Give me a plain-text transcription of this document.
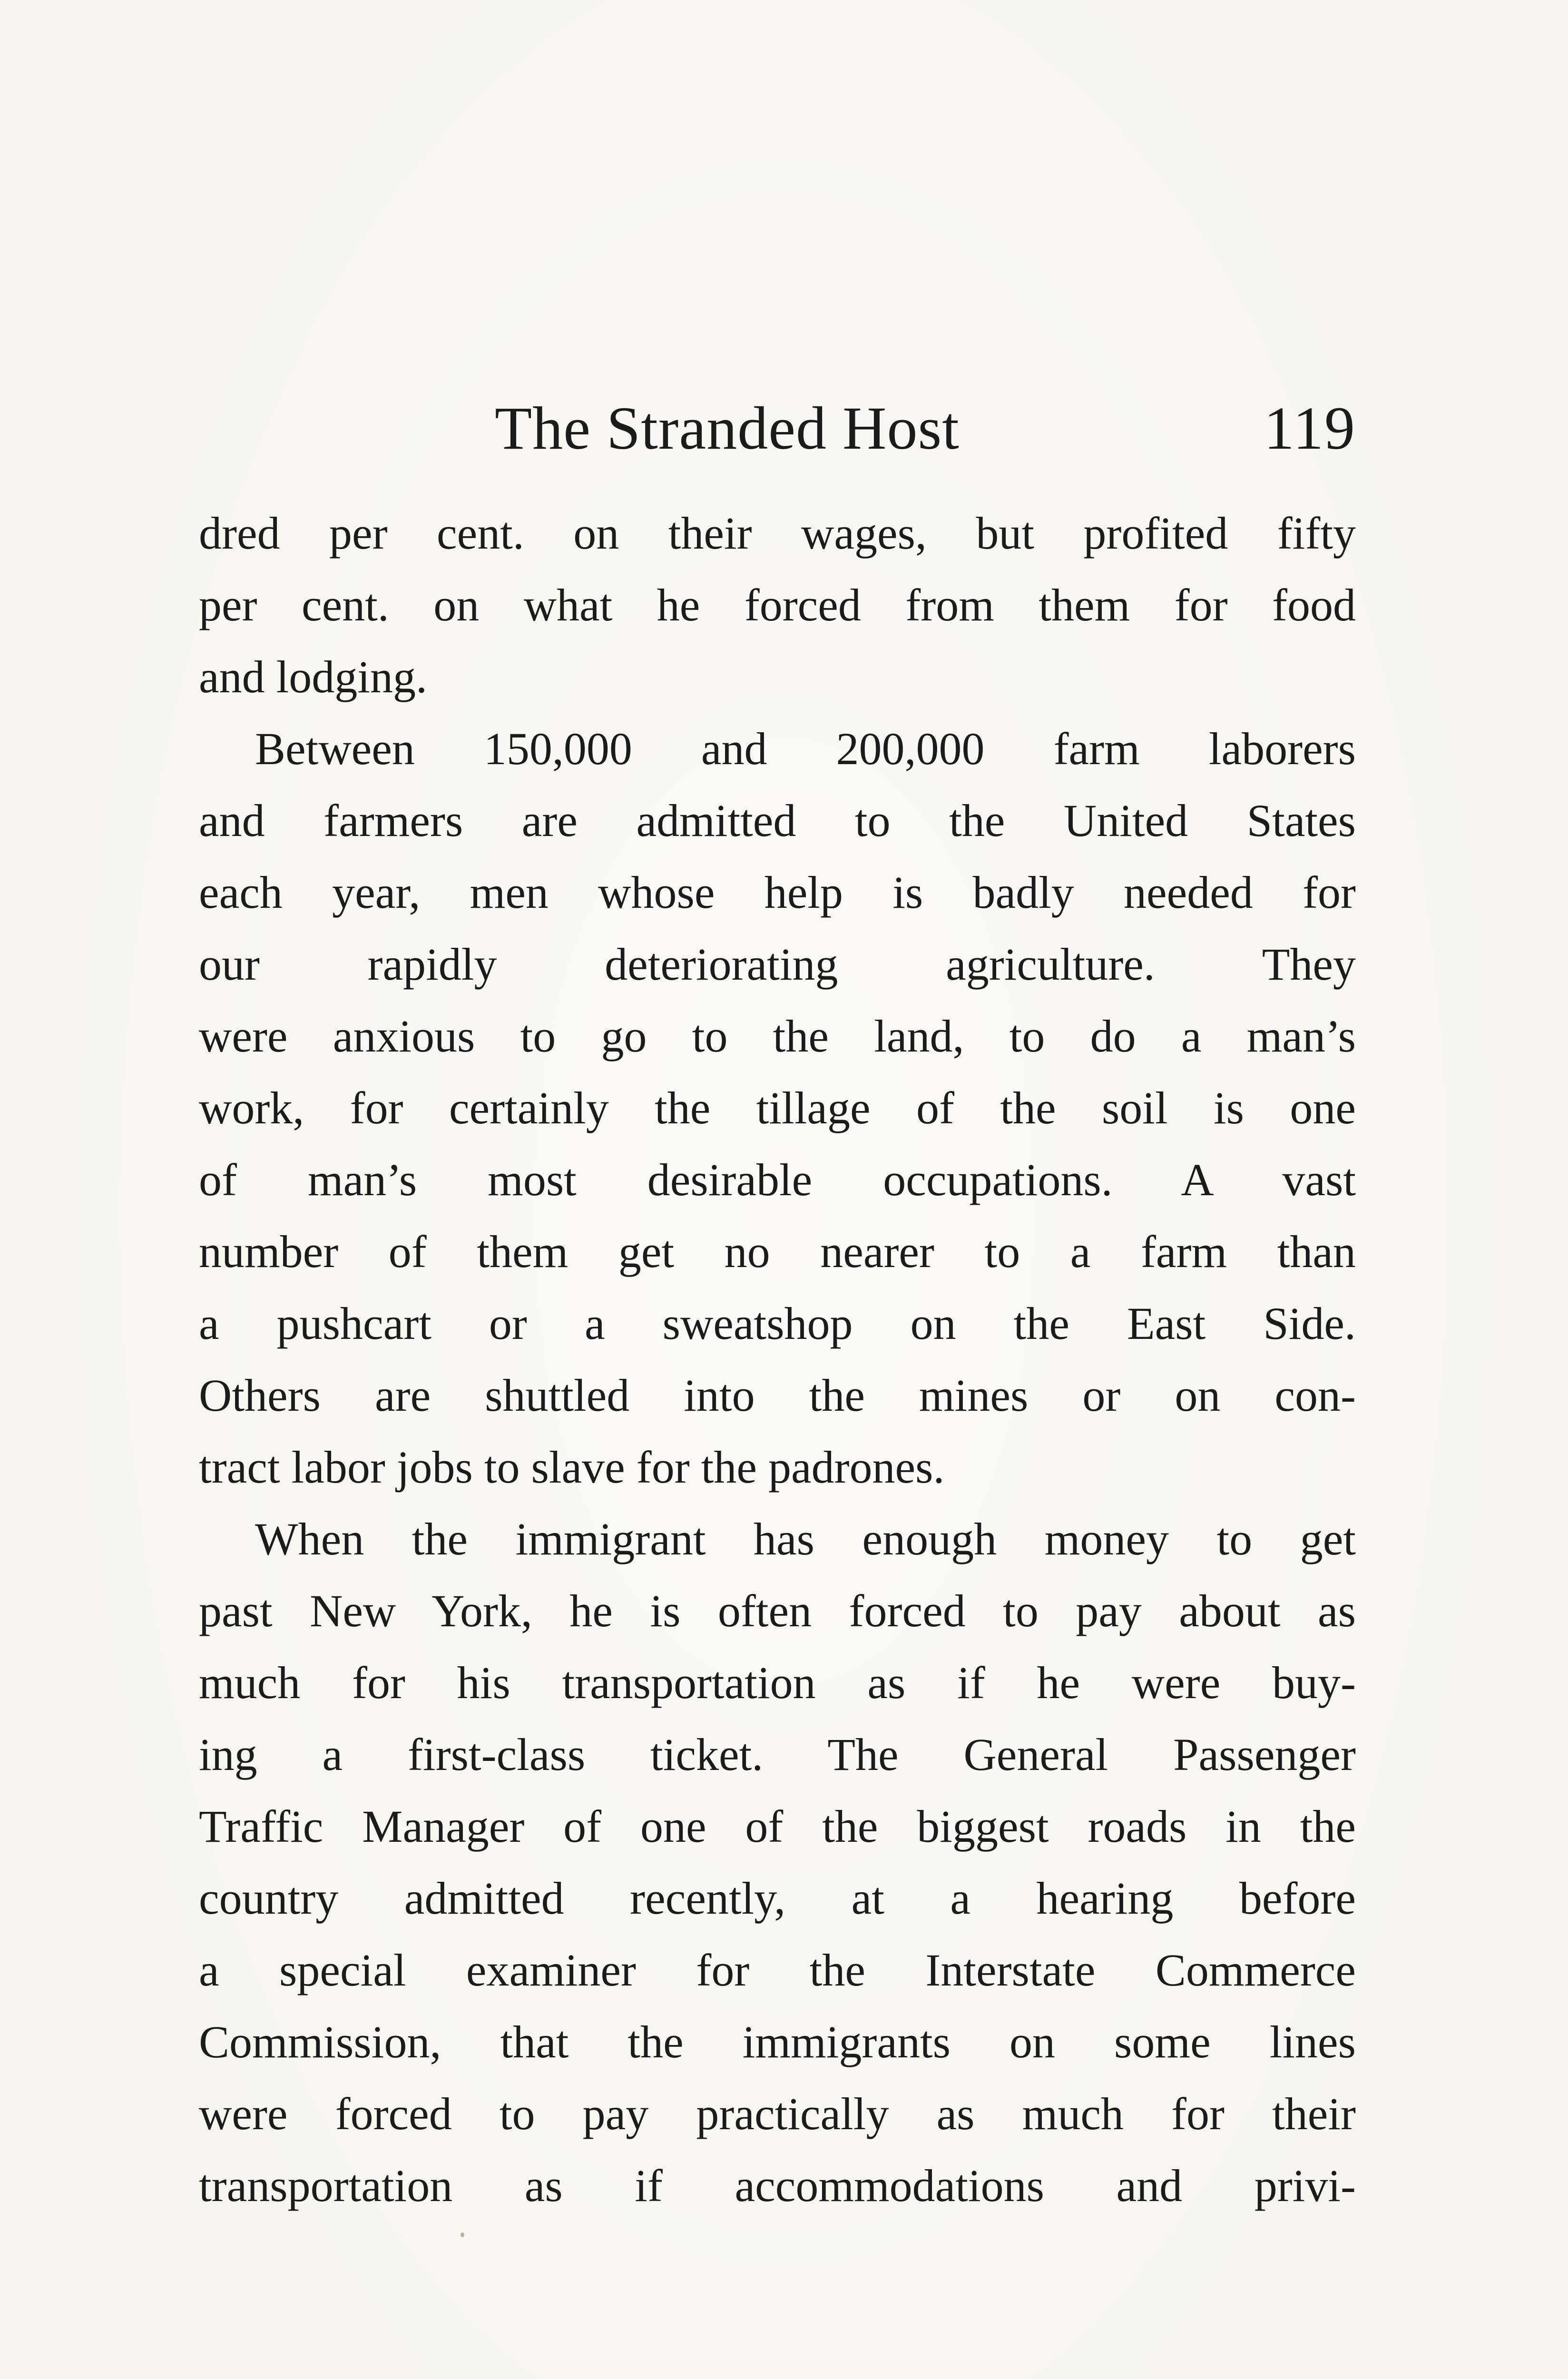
The Stranded Host	119
dred per cent. on their wages, but profited fifty
per cent. on what he forced from them for food
and lodging.
Between 150,000 and 200,000 farm laborers
and farmers are admitted to the United States
each year, men whose help is badly needed for
our rapidly deteriorating agriculture. They
were anxious to go to the land, to do a man’s
work, for certainly the tillage of the soil is one
of man’s most desirable occupations. A vast
number of them get no nearer to a farm than
a pushcart or a sweatshop on the East Side.
Others are shuttled into the mines or on con-
tract labor jobs to slave for the padrones.
When the immigrant has enough money to get
past New York, he is often forced to pay about as
much for his transportation as if he were buy-
ing a first-class ticket. The General Passenger
Traffic Manager of one of the biggest roads in the
country admitted recently, at a hearing before
a special examiner for the Interstate Commerce
Commission, that the immigrants on some lines
were forced to pay practically as much for their
transportation as if accommodations and privi-
